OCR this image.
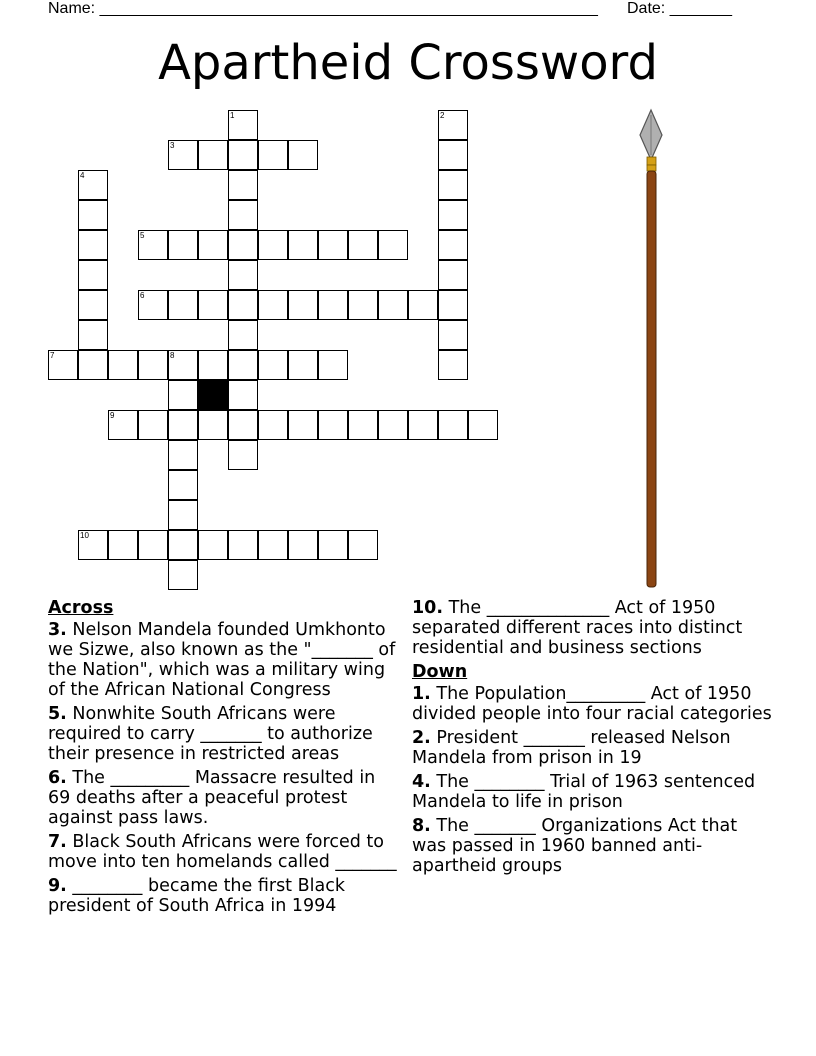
Name: ________________________________________________________ Date: _______
Apartheid Crossword
1	2
3
4
5
6
7	8
9
10
Across
3. Nelson Mandela founded Umkhonto we Sizwe, also known as the "_______ of the Nation", which was a military wing of the African National Congress
5. Nonwhite South Africans were required to carry _______ to authorize their presence in restricted areas
6. The _________ Massacre resulted in 69 deaths after a peaceful protest against pass laws.
7. Black South Africans were forced to move into ten homelands called _______
9. ________ became the first Black president of South Africa in 1994
10. The ______________ Act of 1950 separated different races into distinct residential and business sections
Down
1. The Population_________ Act of 1950 divided people into four racial categories
2. President _______ released Nelson Mandela from prison in 19
4. The ________ Trial of 1963 sentenced Mandela to life in prison
8. The _______ Organizations Act that was passed in 1960 banned anti-apartheid groups
